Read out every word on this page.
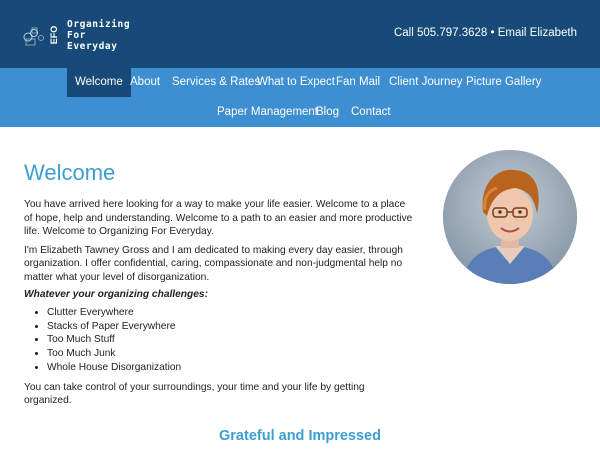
EFO
Organizing
For
Everyday
Call 505.797.3628 • Email Elizabeth
Welcome About	Services & Rates
What to Expect Fan Mail Client Journey Picture Gallery
Paper Management
Blog	Contact
Welcome

You have arrived here looking for a way to make your life easier. Welcome to a place of hope, help and understanding. Welcome to a path to an easier and more productive life. Welcome to Organizing For Everyday.

I'm Elizabeth Tawney Gross and I am dedicated to making every day easier, through organization. I offer confidential, caring, compassionate and non-judgmental help no matter what your level of disorganization.

Whatever your organizing challenges:

• Clutter Everywhere
• Stacks of Paper Everywhere
• Too Much Stuff
• Too Much Junk
• Whole House Disorganization

You can take control of your surroundings, your time and your life by getting organized.

Grateful and Impressed
